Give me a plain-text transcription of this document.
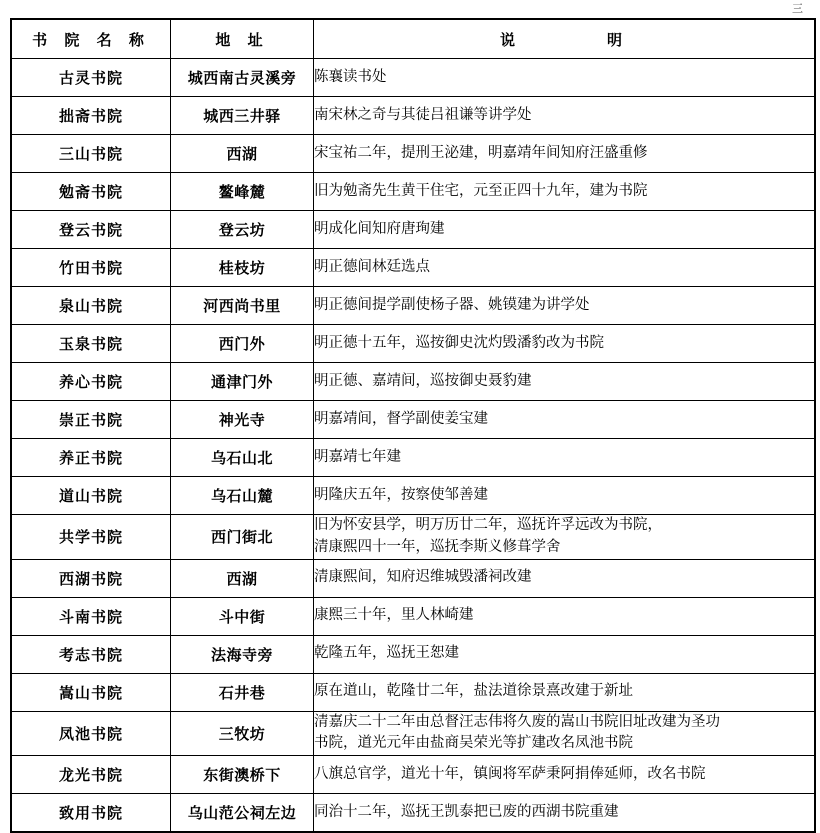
三
书 院 名 称	地 址	说 明

古灵书院	城西南古灵溪旁	陈襄读书处

拙斋书院	城西三井驿	南宋林之奇与其徒吕祖谦等讲学处

三山书院	西湖	宋宝祐二年，提刑王泌建，明嘉靖年间知府汪盛重修

勉斋书院	鳌峰麓	旧为勉斋先生黄干住宅，元至正四十九年，建为书院

登云书院	登云坊	明成化间知府唐珣建

竹田书院	桂枝坊	明正德间林廷选点

泉山书院	河西尚书里	明正德间提学副使杨子器、姚镆建为讲学处

玉泉书院	西门外	明正德十五年，巡按御史沈灼毁潘豹改为书院

养心书院	通津门外	明正德、嘉靖间，巡按御史聂豹建

崇正书院	神光寺	明嘉靖间，督学副使姜宝建

养正书院	乌石山北	明嘉靖七年建

道山书院	乌石山麓	明隆庆五年，按察使邹善建

共学书院	西门街北	旧为怀安县学，明万历廿二年，巡抚许孚远改为书院，
清康熙四十一年，巡抚李斯义修葺学舍

西湖书院	西湖	清康熙间，知府迟维城毁潘祠改建

斗南书院	斗中街	康熙三十年，里人林崎建

考志书院	法海寺旁	乾隆五年，巡抚王恕建

嵩山书院	石井巷	原在道山，乾隆廿二年，盐法道徐景熹改建于新址

凤池书院	三牧坊	清嘉庆二十二年由总督汪志伟将久废的嵩山书院旧址改建为圣功
书院，道光元年由盐商吴荣光等扩建改名凤池书院

龙光书院	东街澳桥下	八旗总官学，道光十年，镇闽将军萨秉阿捐俸延师，改名书院

致用书院	乌山范公祠左边	同治十二年，巡抚王凯泰把已废的西湖书院重建
